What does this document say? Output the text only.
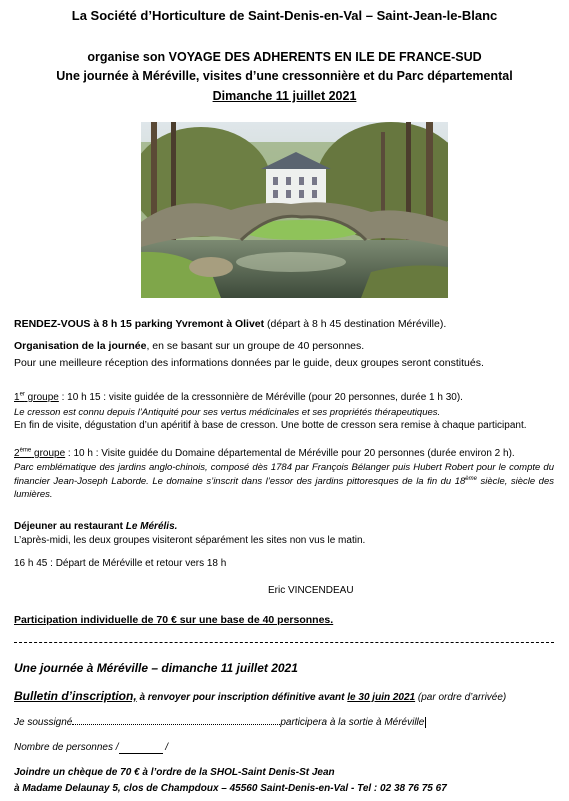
La Société d’Horticulture de Saint-Denis-en-Val – Saint-Jean-le-Blanc
organise son VOYAGE DES ADHERENTS EN ILE DE FRANCE-SUD
Une journée à Méréville, visites d’une cressonnière et du Parc départemental
Dimanche 11 juillet 2021
RENDEZ-VOUS à 8 h 15 parking Yvremont à Olivet (départ à 8 h 45 destination Méréville).
Organisation de la journée, en se basant sur un groupe de 40 personnes.
Pour une meilleure réception des informations données par le guide, deux groupes seront constitués.
1er groupe : 10 h 15 : visite guidée de la cressonnière de Méréville (pour 20 personnes, durée 1 h 30).
Le cresson est connu depuis l’Antiquité pour ses vertus médicinales et ses propriétés thérapeutiques.
En fin de visite, dégustation d’un apéritif à base de cresson. Une botte de cresson sera remise à chaque participant.
2ème groupe : 10 h : Visite guidée du Domaine départemental de Méréville pour 20 personnes (durée environ 2 h).
Parc emblématique des jardins anglo-chinois, composé dès 1784 par François Bélanger puis Hubert Robert pour le compte du financier Jean-Joseph Laborde. Le domaine s’inscrit dans l’essor des jardins pittoresques de la fin du 18ème siècle, siècle des lumières.
Déjeuner au restaurant Le Mérélis.
L’après-midi, les deux groupes visiteront séparément les sites non vus le matin.
16 h 45 : Départ de Méréville et retour vers 18 h
Eric VINCENDEAU
Participation individuelle de 70 € sur une base de 40 personnes.
Une journée à Méréville – dimanche 11 juillet 2021
Bulletin d’inscription, à renvoyer pour inscription définitive avant le 30 juin 2021 (par ordre d’arrivée)
Je soussigné	participera à la sortie à Méréville
Nombre de personnes /	/
Joindre un chèque de 70 € à l’ordre de la SHOL-Saint Denis-St Jean
à Madame Delaunay 5, clos de Champdoux – 45560 Saint-Denis-en-Val - Tel : 02 38 76 75 67
